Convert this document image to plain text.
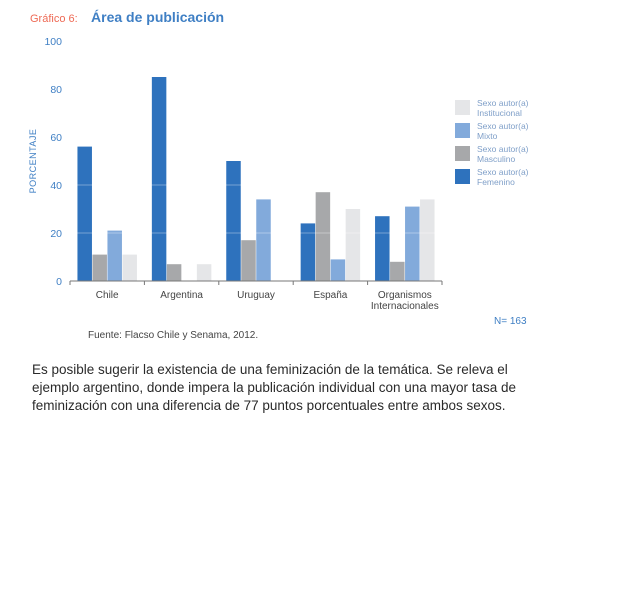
Gráfico 6: Área de publicación
PORCENTAJE
0
20
40
60
80
100
Chile	Argentina	Uruguay	España	Organismos Internacionales
Sexo autor(a) Institucional
Sexo autor(a) Mixto
Sexo autor(a) Masculino
Sexo autor(a) Femenino
N= 163
Fuente: Flacso Chile y Senama, 2012.

Es posible sugerir la existencia de una feminización de la temática. Se releva el ejemplo argentino, donde impera la publicación individual con una mayor tasa de feminización con una diferencia de 77 puntos porcentuales entre ambos sexos.
